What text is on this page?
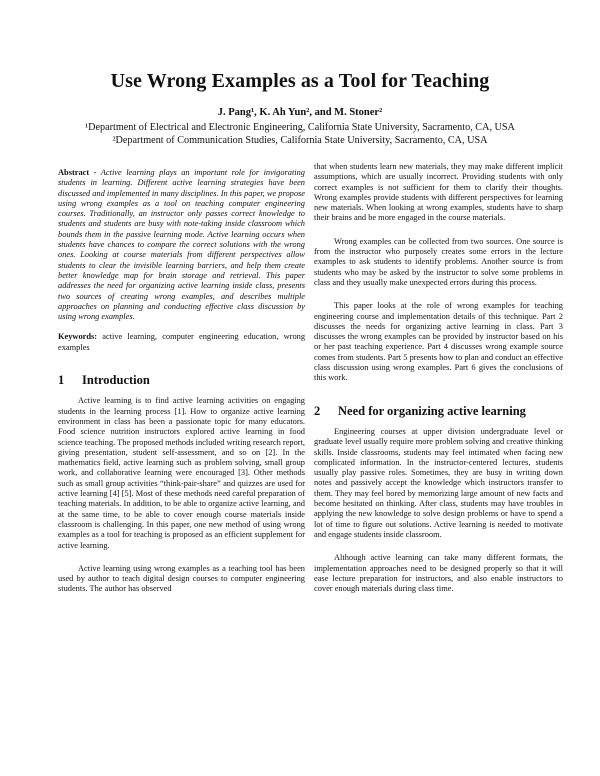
Use Wrong Examples as a Tool for Teaching
J. Pang¹, K. Ah Yun², and M. Stoner²
¹Department of Electrical and Electronic Engineering, California State University, Sacramento, CA, USA
²Department of Communication Studies, California State University, Sacramento, CA, USA

Abstract - Active learning plays an important role for invigorating students in learning. Different active learning strategies have been discussed and implemented in many disciplines. In this paper, we propose using wrong examples as a tool on teaching computer engineering courses. Traditionally, an instructor only passes correct knowledge to students and students are busy with note-taking inside classroom which bounds them in the passive learning mode. Active learning occurs when students have chances to compare the correct solutions with the wrong ones. Looking at course materials from different perspectives allow students to clear the invisible learning barriers, and help them create better knowledge map for brain storage and retrieval. This paper addresses the need for organizing active learning inside class, presents two sources of creating wrong examples, and describes multiple approaches on planning and conducting effective class discussion by using wrong examples.

Keywords: active learning, computer engineering education, wrong examples

1 Introduction

Active learning is to find active learning activities on engaging students in the learning process [1]. How to organize active learning environment in class has been a passionate topic for many educators. Food science nutrition instructors explored active learning in food science teaching. The proposed methods included writing research report, giving presentation, student self-assessment, and so on [2]. In the mathematics field, active learning such as problem solving, small group work, and collaborative learning were encouraged [3]. Other methods such as small group activities “think-pair-share” and quizzes are used for active learning [4] [5]. Most of these methods need careful preparation of teaching materials. In addition, to be able to organize active learning, and at the same time, to be able to cover enough course materials inside classroom is challenging. In this paper, one new method of using wrong examples as a tool for teaching is proposed as an efficient supplement for active learning.

Active learning using wrong examples as a teaching tool has been used by author to teach digital design courses to computer engineering students. The author has observed

that when students learn new materials, they may make different implicit assumptions, which are usually incorrect. Providing students with only correct examples is not sufficient for them to clarify their thoughts. Wrong examples provide students with different perspectives for learning new materials. When looking at wrong examples, students have to sharp their brains and be more engaged in the course materials.

Wrong examples can be collected from two sources. One source is from the instructor who purposely creates some errors in the lecture examples to ask students to identify problems. Another source is from students who may be asked by the instructor to solve some problems in class and they usually make unexpected errors during this process.

This paper looks at the role of wrong examples for teaching engineering course and implementation details of this technique. Part 2 discusses the needs for organizing active learning in class. Part 3 discusses the wrong examples can be provided by instructor based on his or her past teaching experience. Part 4 discusses wrong example source comes from students. Part 5 presents how to plan and conduct an effective class discussion using wrong examples. Part 6 gives the conclusions of this work.

2 Need for organizing active learning

Engineering courses at upper division undergraduate level or graduate level usually require more problem solving and creative thinking skills. Inside classrooms, students may feel intimated when facing new complicated information. In the instructor-centered lectures, students usually play passive roles. Sometimes, they are busy in writing down notes and passively accept the knowledge which instructors transfer to them. They may feel bored by memorizing large amount of new facts and become hesitated on thinking. After class, students may have troubles in applying the new knowledge to solve design problems or have to spend a lot of time to figure out solutions. Active learning is needed to motivate and engage students inside classroom.

Although active learning can take many different formats, the implementation approaches need to be designed properly so that it will ease lecture preparation for instructors, and also enable instructors to cover enough materials during class time.
